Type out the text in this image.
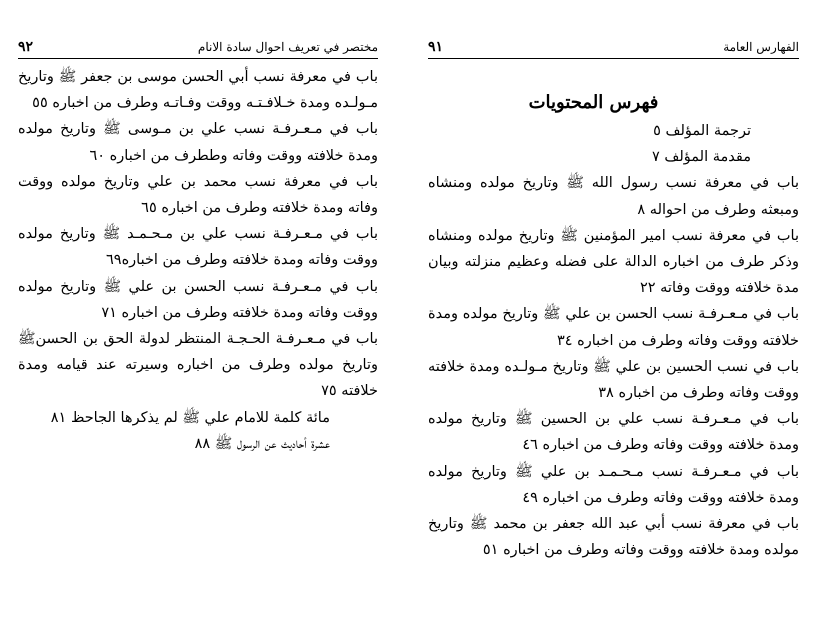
مختصر في تعريف احوال سادة الانام
٩٢

باب في معرفة نسب أبي الحسن موسى بن جعفر ﷺ وتاريخ مـولـده ومدة خـلافـتـه ووقت وفـاتـه وطرف من اخباره ٥٥

باب في مـعـرفـة نسب علي بن مـوسى ﷺ وتاريخ مولده ومدة خلافته ووقت وفاته وططرف من اخباره ٦٠

باب في معرفة نسب محمد بن علي وتاريخ مولده ووقت وفاته ومدة خلافته وطرف من اخباره ٦٥

باب في مـعـرفـة نسب علي بن مـحـمـد ﷺ وتاريخ مولده ووقت وفاته ومدة خلافته وطرف من اخباره٦٩

باب في مـعـرفـة نسب الحسن بن علي ﷺ وتاريخ مولده ووقت وفاته ومدة خلافته وطرف من اخباره ٧١

باب في مـعـرفـة الحـجـة المنتظر لدولة الحق بن الحسنﷺ وتاريخ مولده وطرف من اخباره وسيرته عند قيامه ومدة خلافته ٧٥

مائة كلمة للامام علي ﷺ لم يذكرها الجاحظ ٨١

عشرة أحاديث عن الرسول ﷺ ٨٨

الفهارس العامة
٩١
فهرس المحتويات

ترجمة المؤلف ٥

مقدمة المؤلف ٧

باب في معرفة نسب رسول الله ﷺ وتاريخ مولده ومنشاه ومبعثه وطرف من احواله ٨

باب في معرفة نسب امير المؤمنين ﷺ وتاريخ مولده ومنشاه وذكر طرف من اخباره الدالة على فضله وعظيم منزلته وبيان مدة خلافته ووقت وفاته ٢٢

باب في مـعـرفـة نسب الحسن بن علي ﷺ وتاريخ مولده ومدة خلافته ووقت وفاته وطرف من اخباره ٣٤

باب في نسب الحسين بن علي ﷺ وتاريخ مـولـده ومدة خلافته ووقت وفاته وطرف من اخباره ٣٨

باب في مـعـرفـة نسب علي بن الحسين ﷺ وتاريخ مولده ومدة خلافته ووقت وفاته وطرف من اخباره ٤٦

باب في مـعـرفـة نسب مـحـمـد بن علي ﷺ وتاريخ مولده ومدة خلافته ووقت وفاته وطرف من اخباره ٤٩

باب في معرفة نسب أبي عبد الله جعفر بن محمد ﷺ وتاريخ مولده ومدة خلافته ووقت وفاته وطرف من اخباره ٥١
